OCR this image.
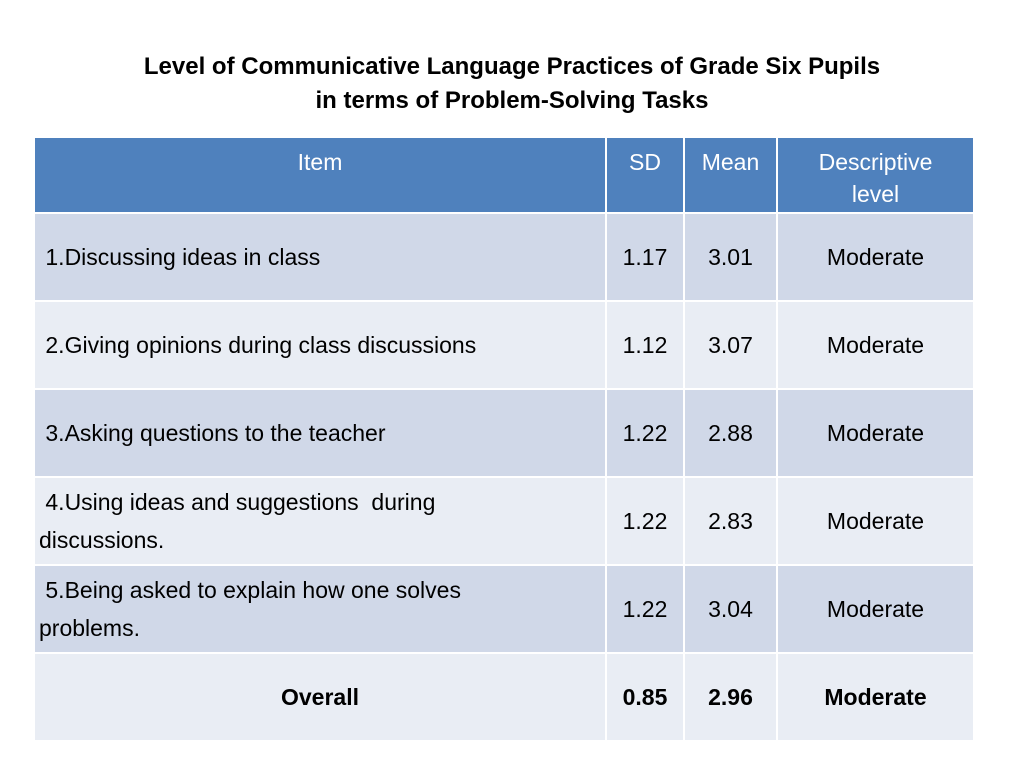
Level of Communicative Language Practices of Grade Six Pupils
in terms of Problem-Solving Tasks
Item	SD	Mean	Descriptive
level
1.Discussing ideas in class	1.17	3.01	Moderate
2.Giving opinions during class discussions	1.12	3.07	Moderate
3.Asking questions to the teacher	1.22	2.88	Moderate
4.Using ideas and suggestions  during
discussions.	1.22	2.83	Moderate
5.Being asked to explain how one solves
problems.	1.22	3.04	Moderate
Overall	0.85	2.96	Moderate
